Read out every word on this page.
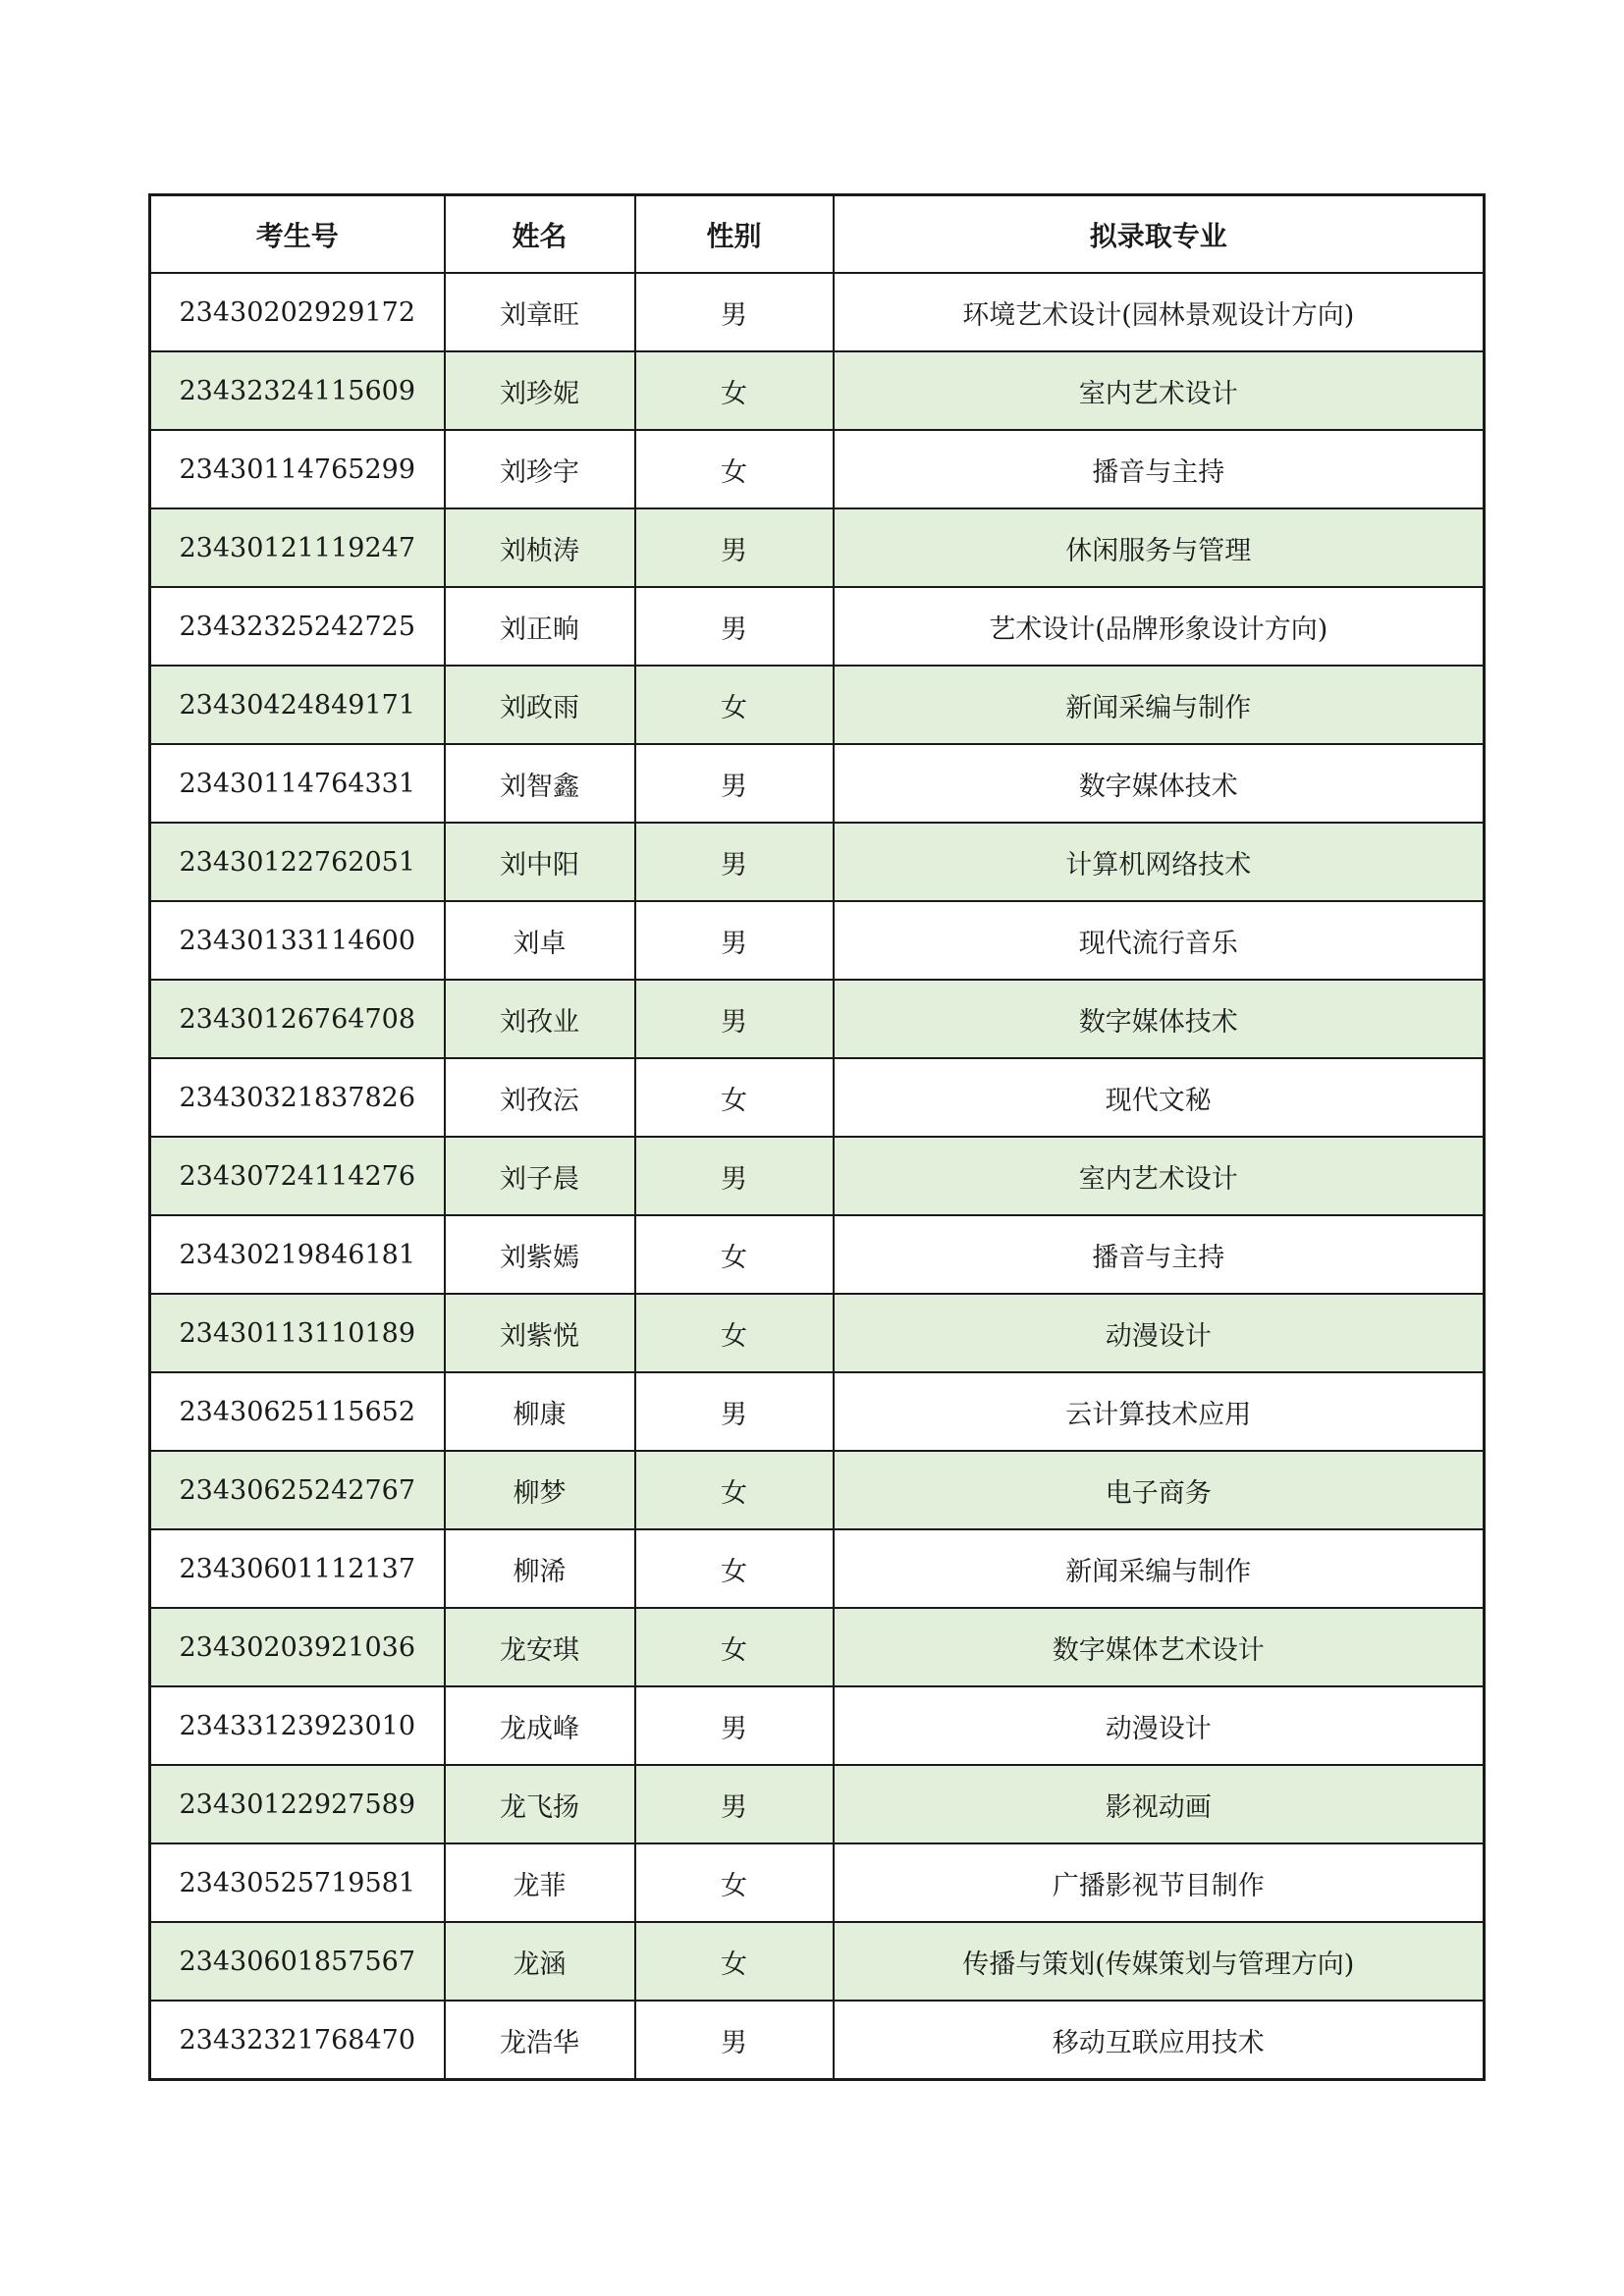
考生号	姓名	性别	拟录取专业
23430202929172	刘章旺	男	环境艺术设计(园林景观设计方向)
23432324115609	刘珍妮	女	室内艺术设计
23430114765299	刘珍宇	女	播音与主持
23430121119247	刘桢涛	男	休闲服务与管理
23432325242725	刘正晌	男	艺术设计(品牌形象设计方向)
23430424849171	刘政雨	女	新闻采编与制作
23430114764331	刘智鑫	男	数字媒体技术
23430122762051	刘中阳	男	计算机网络技术
23430133114600	刘卓	男	现代流行音乐
23430126764708	刘孜业	男	数字媒体技术
23430321837826	刘孜沄	女	现代文秘
23430724114276	刘子晨	男	室内艺术设计
23430219846181	刘紫嫣	女	播音与主持
23430113110189	刘紫悦	女	动漫设计
23430625115652	柳康	男	云计算技术应用
23430625242767	柳梦	女	电子商务
23430601112137	柳浠	女	新闻采编与制作
23430203921036	龙安琪	女	数字媒体艺术设计
23433123923010	龙成峰	男	动漫设计
23430122927589	龙飞扬	男	影视动画
23430525719581	龙菲	女	广播影视节目制作
23430601857567	龙涵	女	传播与策划(传媒策划与管理方向)
23432321768470	龙浩华	男	移动互联应用技术
